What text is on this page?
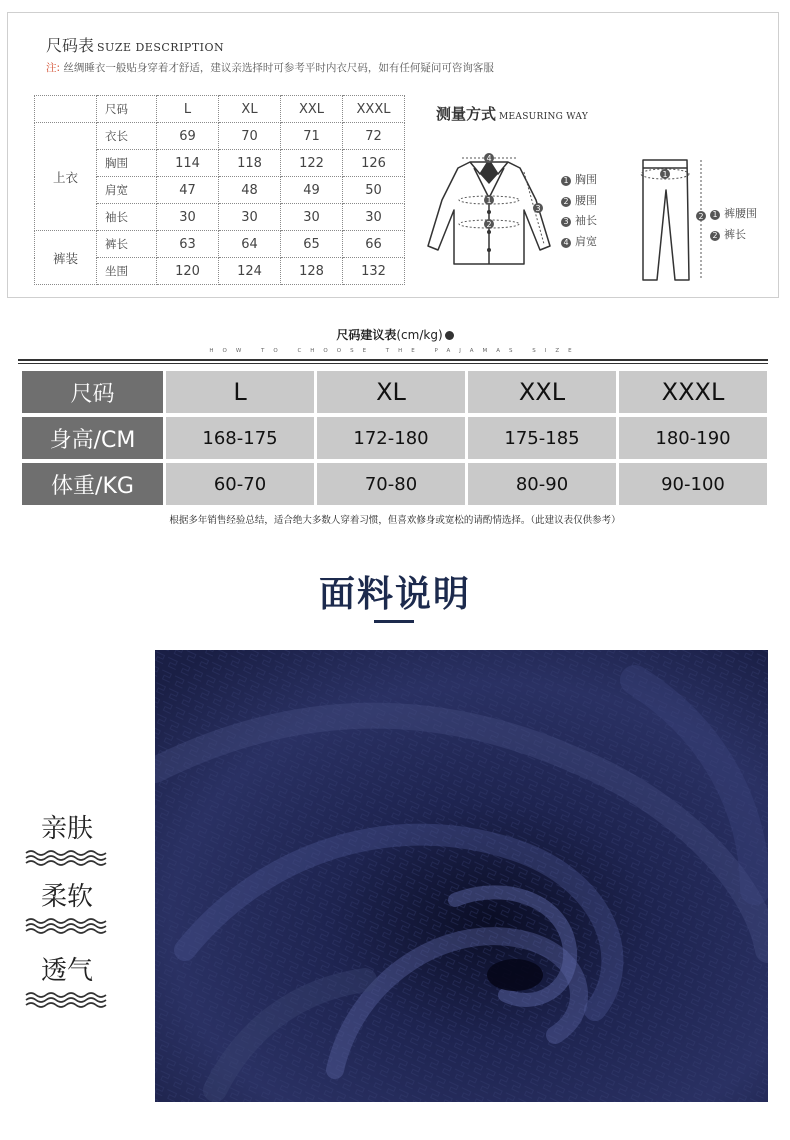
尺码表 SUZE DESCRIPTION
注: 丝绸睡衣一般贴身穿着才舒适，建议亲选择时可参考平时内衣尺码，如有任何疑问可咨询客服
	尺码	L	XL	XXL	XXXL
上衣	衣长	69	70	71	72
	胸围	114	118	122	126
	肩宽	47	48	49	50
	袖长	30	30	30	30
裤装	裤长	63	64	65	66
	坐围	120	124	128	132
测量方式 MEASURING WAY
4
1
2
3
1 胸围
2 腰围
3 袖长
4 肩宽
1
2	1 裤腰围
2 裤长
尺码建议表(cm/kg)
HOW TO CHOOSE THE PAJAMAS SIZE
尺码	L	XL	XXL	XXXL
身高/CM	168-175	172-180	175-185	180-190
体重/KG	60-70	70-80	80-90	90-100
根据多年销售经验总结，适合绝大多数人穿着习惯，但喜欢修身或宽松的请酌情选择。（此建议表仅供参考）
面料说明
亲肤
柔软
透气
